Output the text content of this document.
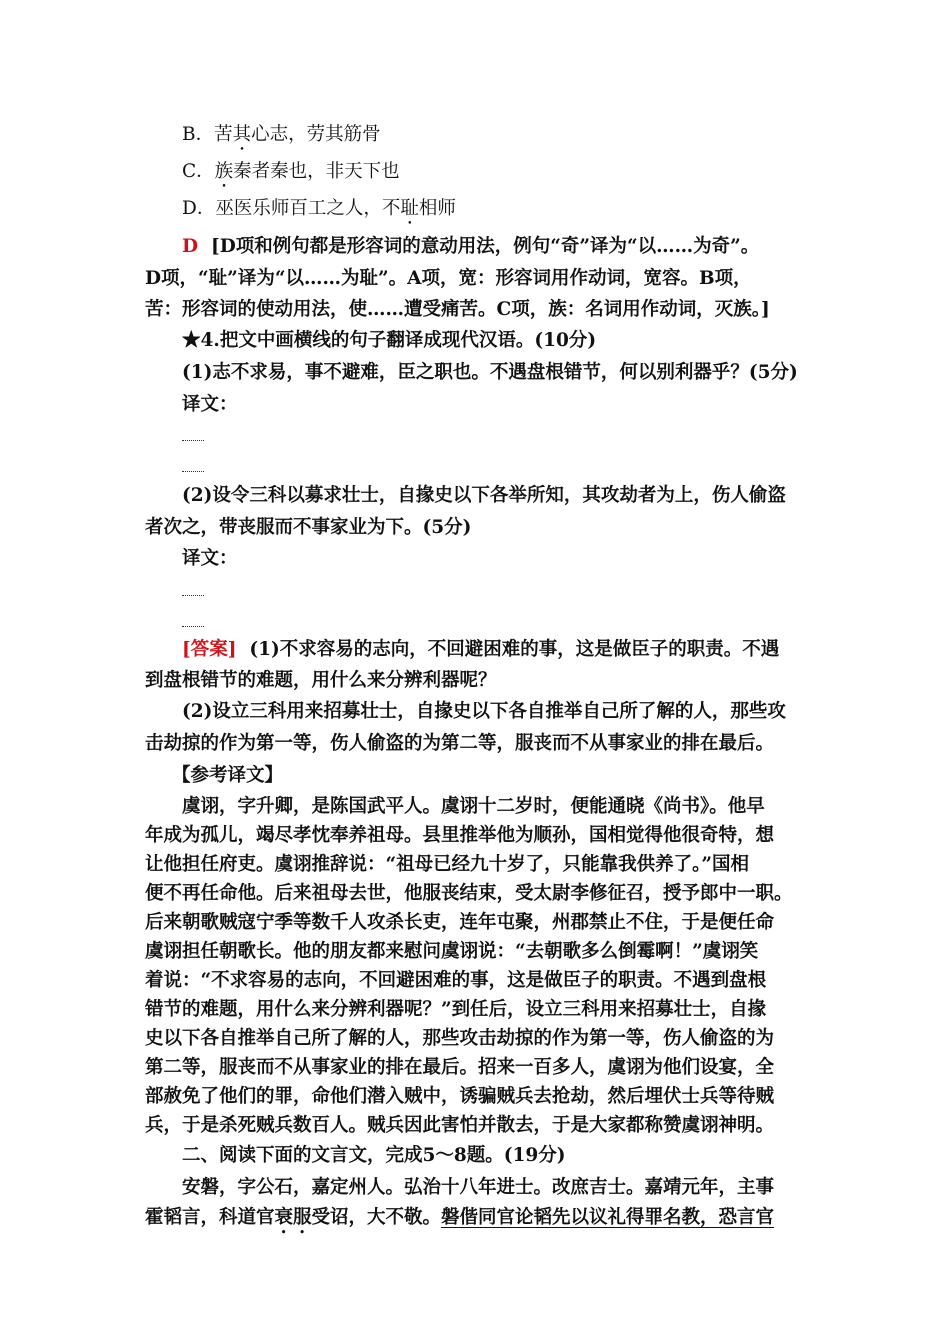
B．苦其心志，劳其筋骨
C．族秦者秦也，非天下也
D．巫医乐师百工之人，不耻相师
D [D项和例句都是形容词的意动用法，例句“奇”译为“以……为奇”。
D项，“耻”译为“以……为耻”。A项，宽：形容词用作动词，宽容。B项，
苦：形容词的使动用法，使……遭受痛苦。C项，族：名词用作动词，灭族。]
★4.把文中画横线的句子翻译成现代汉语。(10分)
(1)志不求易，事不避难，臣之职也。不遇盘根错节，何以别利器乎？(5分)
译文：
(2)设令三科以募求壮士，自掾史以下各举所知，其攻劫者为上，伤人偷盗
者次之，带丧服而不事家业为下。(5分)
译文：
[答案] (1)不求容易的志向，不回避困难的事，这是做臣子的职责。不遇
到盘根错节的难题，用什么来分辨利器呢？
(2)设立三科用来招募壮士，自掾史以下各自推举自己所了解的人，那些攻
击劫掠的作为第一等，伤人偷盗的为第二等，服丧而不从事家业的排在最后。
【参考译文】
虞诩，字升卿，是陈国武平人。虞诩十二岁时，便能通晓《尚书》。他早
年成为孤儿，竭尽孝忱奉养祖母。县里推举他为顺孙，国相觉得他很奇特，想
让他担任府吏。虞诩推辞说：“祖母已经九十岁了，只能靠我供养了。”国相
便不再任命他。后来祖母去世，他服丧结束，受太尉李修征召，授予郎中一职。
后来朝歌贼寇宁季等数千人攻杀长吏，连年屯聚，州郡禁止不住，于是便任命
虞诩担任朝歌长。他的朋友都来慰问虞诩说：“去朝歌多么倒霉啊！”虞诩笑
着说：“不求容易的志向，不回避困难的事，这是做臣子的职责。不遇到盘根
错节的难题，用什么来分辨利器呢？”到任后，设立三科用来招募壮士，自掾
史以下各自推举自己所了解的人，那些攻击劫掠的作为第一等，伤人偷盗的为
第二等，服丧而不从事家业的排在最后。招来一百多人，虞诩为他们设宴，全
部赦免了他们的罪，命他们潜入贼中，诱骗贼兵去抢劫，然后埋伏士兵等待贼
兵，于是杀死贼兵数百人。贼兵因此害怕并散去，于是大家都称赞虞诩神明。
二、阅读下面的文言文，完成5～8题。(19分)
安磐，字公石，嘉定州人。弘治十八年进士。改庶吉士。嘉靖元年，主事
霍韬言，科道官衰服受诏，大不敬。磐偕同官论韬先以议礼得罪名教，恐言官
